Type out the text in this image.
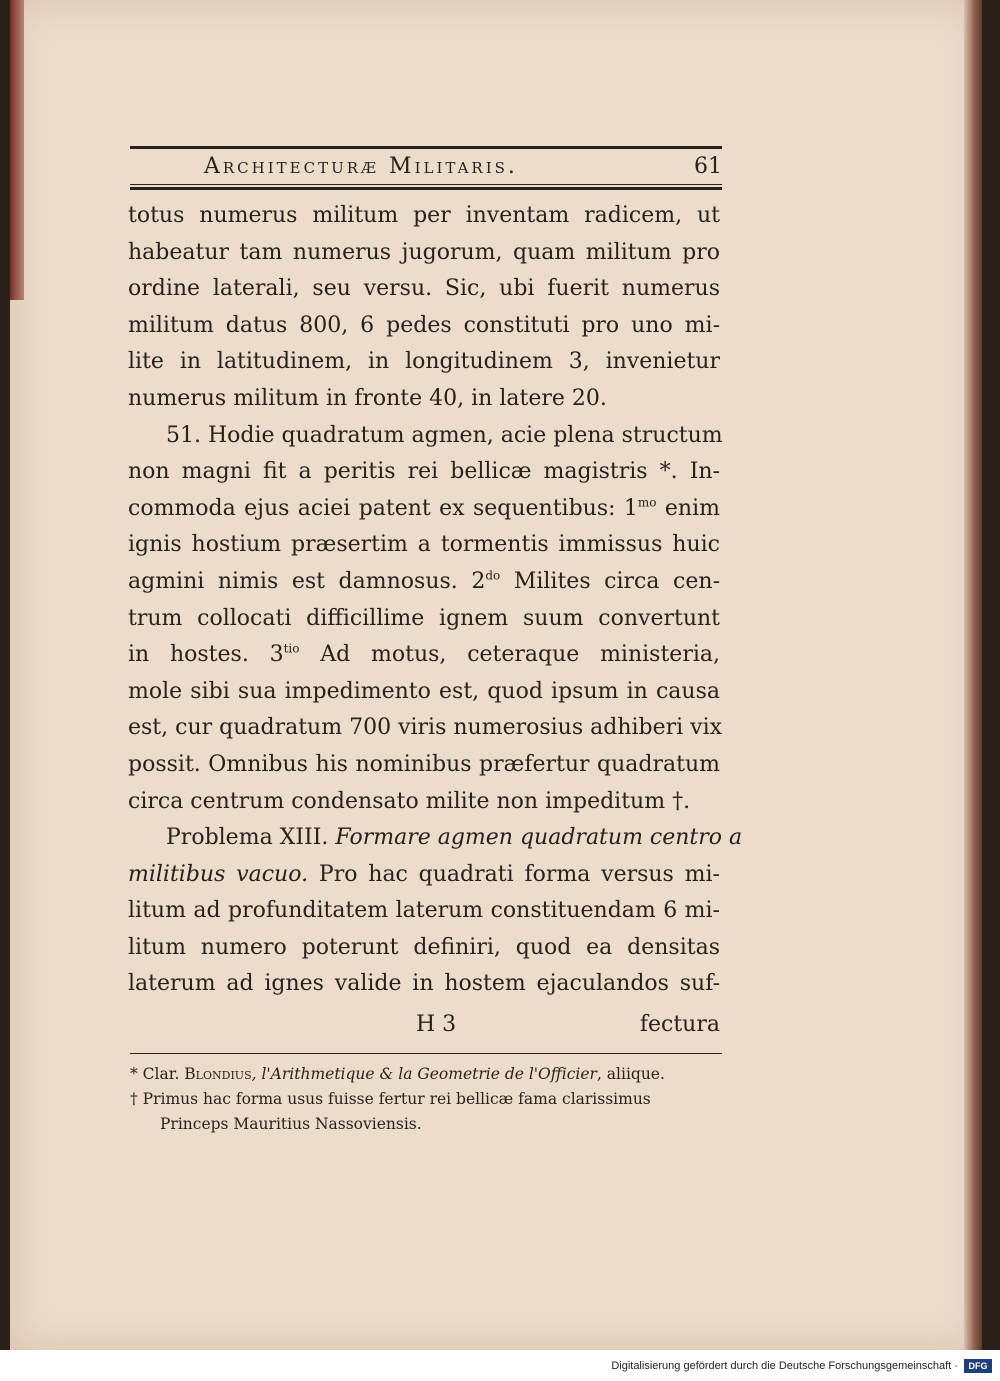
Architecturæ Militaris.	61
totus numerus militum per inventam radicem, ut
habeatur tam numerus jugorum, quam militum pro
ordine laterali, seu versu. Sic, ubi fuerit numerus
militum datus 800, 6 pedes constituti pro uno mi-
lite in latitudinem, in longitudinem 3, invenietur
numerus militum in fronte 40, in latere 20.
51. Hodie quadratum agmen, acie plena structum
non magni fit a peritis rei bellicæ magistris *. In-
commoda ejus aciei patent ex sequentibus: $1^{mo}$ enim
ignis hostium præsertim a tormentis immissus huic
agmini nimis est damnosus. $2^{do}$ Milites circa cen-
trum collocati difficillime ignem suum convertunt
in hostes. $3^{tio}$ Ad motus, ceteraque ministeria,
mole sibi sua impedimento est, quod ipsum in causa
est, cur quadratum 700 viris numerosius adhiberi vix
possit. Omnibus his nominibus præfertur quadratum
circa centrum condensato milite non impeditum †.
Problema XIII. Formare agmen quadratum centro a
militibus vacuo. Pro hac quadrati forma versus mi-
litum ad profunditatem laterum constituendam 6 mi-
litum numero poterunt definiri, quod ea densitas
laterum ad ignes valide in hostem ejaculandos suf-
H 3	fectura
* Clar. Blondius, l'Arithmetique & la Geometrie de l'Officier, aliique.
† Primus hac forma usus fuisse fertur rei bellicæ fama clarissimus
Princeps Mauritius Nassoviensis.
Digitalisierung gefördert durch die Deutsche Forschungsgemeinschaft ·	DFG
